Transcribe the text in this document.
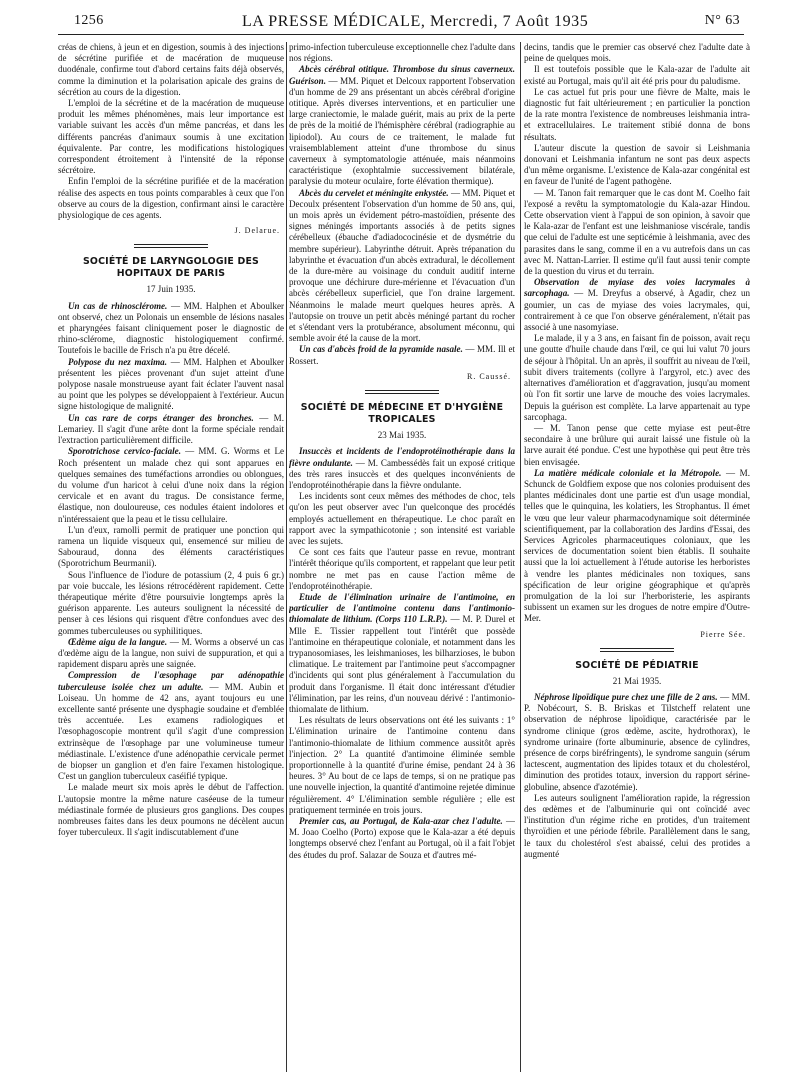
1256	LA PRESSE MÉDICALE, Mercredi, 7 Août 1935	N° 63

créas de chiens, à jeun et en digestion, soumis à des injections de sécrétine purifiée et de macération de muqueuse duodénale, confirme tout d'abord certains faits déjà observés, comme la diminution et la polarisation apicale des grains de sécrétion au cours de la digestion.

L'emploi de la sécrétine et de la macération de muqueuse produit les mêmes phénomènes, mais leur importance est variable suivant les accès d'un même pancréas, et dans les différents pancréas d'animaux soumis à une excitation équivalente. Par contre, les modifications histologiques correspondent étroitement à l'intensité de la réponse sécrétoire.

Enfin l'emploi de la sécrétine purifiée et de la macération réalise des aspects en tous points comparables à ceux que l'on observe au cours de la digestion, confirmant ainsi le caractère physiologique de ces agents.

J. Delarue.

SOCIÉTÉ DE LARYNGOLOGIE DES HOPITAUX DE PARIS

17 Juin 1935.

Un cas de rhinosclérome. — MM. Halphen et Aboulker ont observé, chez un Polonais un ensemble de lésions nasales et pharyngées faisant cliniquement poser le diagnostic de rhino-sclérome, diagnostic histologiquement confirmé. Toutefois le bacille de Frisch n'a pu être décelé.

Polypose du nez maxima. — MM. Halphen et Aboulker présentent les pièces provenant d'un sujet atteint d'une polypose nasale monstrueuse ayant fait éclater l'auvent nasal au point que les polypes se développaient à l'extérieur. Aucun signe histologique de malignité.

Un cas rare de corps étranger des bronches. — M. Lemariey. Il s'agit d'une arête dont la forme spéciale rendait l'extraction particulièrement difficile.

Sporotrichose cervico-faciale. — MM. G. Worms et Le Roch présentent un malade chez qui sont apparues en quelques semaines des tuméfactions arrondies ou oblongues, du volume d'un haricot à celui d'une noix dans la région cervicale et en avant du tragus. De consistance ferme, élastique, non douloureuse, ces nodules étaient indolores et n'intéressaient que la peau et le tissu cellulaire.

L'un d'eux, ramolli permit de pratiquer une ponction qui ramena un liquide visqueux qui, ensemencé sur milieu de Sabouraud, donna des éléments caractéristiques (Sporotrichum Beurmanii).

Sous l'influence de l'iodure de potassium (2, 4 puis 6 gr.) par voie buccale, les lésions rétrocédèrent rapidement. Cette thérapeutique mérite d'être poursuivie longtemps après la guérison apparente. Les auteurs soulignent la nécessité de penser à ces lésions qui risquent d'être confondues avec des gommes tuberculeuses ou syphilitiques.

Œdème aigu de la langue. — M. Worms a observé un cas d'œdème aigu de la langue, non suivi de suppuration, et qui a rapidement disparu après une saignée.

Compression de l'œsophage par adénopathie tuberculeuse isolée chez un adulte. — MM. Aubin et Loiseau. Un homme de 42 ans, ayant toujours eu une excellente santé présente une dysphagie soudaine et d'emblée très accentuée. Les examens radiologiques et l'œsophagoscopie montrent qu'il s'agit d'une compression extrinsèque de l'œsophage par une volumineuse tumeur médiastinale. L'existence d'une adénopathie cervicale permet de biopser un ganglion et d'en faire l'examen histologique. C'est un ganglion tuberculeux caséifié typique.

Le malade meurt six mois après le début de l'affection. L'autopsie montre la même nature caséeuse de la tumeur médiastinale formée de plusieurs gros ganglions. Des coupes nombreuses faites dans les deux poumons ne décèlent aucun foyer tuberculeux. Il s'agit indiscutablement d'une

primo-infection tuberculeuse exceptionnelle chez l'adulte dans nos régions.

Abcès cérébral otitique. Thrombose du sinus caverneux. Guérison. — MM. Piquet et Delcoux rapportent l'observation d'un homme de 29 ans présentant un abcès cérébral d'origine otitique. Après diverses interventions, et en particulier une large craniectomie, le malade guérit, mais au prix de la perte de près de la moitié de l'hémisphère cérébral (radiographie au lipiodol). Au cours de ce traitement, le malade fut vraisemblablement atteint d'une thrombose du sinus caverneux à symptomatologie atténuée, mais néanmoins caractéristique (exophtalmie successivement bilatérale, paralysie du moteur oculaire, forte élévation thermique).

Abcès du cervelet et méningite enkystée. — MM. Piquet et Decoulx présentent l'observation d'un homme de 50 ans, qui, un mois après un évidement pétro-mastoïdien, présente des signes méningés importants associés à de petits signes cérébelleux (ébauche d'adiadococinésie et de dysmétrie du membre supérieur). Labyrinthe détruit. Après trépanation du labyrinthe et évacuation d'un abcès extradural, le décollement de la dure-mère au voisinage du conduit auditif interne provoque une déchirure dure-mérienne et l'évacuation d'un abcès cérébelleux superficiel, que l'on draine largement. Néanmoins le malade meurt quelques heures après. A l'autopsie on trouve un petit abcès méningé partant du rocher et s'étendant vers la protubérance, absolument méconnu, qui semble avoir été la cause de la mort.

Un cas d'abcès froid de la pyramide nasale. — MM. Ill et Rossert.

R. Caussé.

SOCIÉTÉ DE MÉDECINE ET D'HYGIÈNE TROPICALES

23 Mai 1935.

Insuccès et incidents de l'endoprotéinothérapie dans la fièvre ondulante. — M. Cambessédès fait un exposé critique des très rares insuccès et des quelques inconvénients de l'endoprotéinothérapie dans la fièvre ondulante.

Les incidents sont ceux mêmes des méthodes de choc, tels qu'on les peut observer avec l'un quelconque des procédés employés actuellement en thérapeutique. Le choc paraît en rapport avec la sympathicotonie ; son intensité est variable avec les sujets.

Ce sont ces faits que l'auteur passe en revue, montrant l'intérêt théorique qu'ils comportent, et rappelant que leur petit nombre ne met pas en cause l'action même de l'endoprotéinothérapie.

Etude de l'élimination urinaire de l'antimoine, en particulier de l'antimoine contenu dans l'antimonio-thiomalate de lithium. (Corps 110 L.R.P.). — M. P. Durel et Mlle E. Tissier rappellent tout l'intérêt que possède l'antimoine en thérapeutique coloniale, et notamment dans les trypanosomiases, les leishmanioses, les bilharzioses, le bubon climatique. Le traitement par l'antimoine peut s'accompagner d'incidents qui sont plus généralement à l'accumulation du produit dans l'organisme. Il était donc intéressant d'étudier l'élimination, par les reins, d'un nouveau dérivé : l'antimonio-thiomalate de lithium.

Les résultats de leurs observations ont été les suivants : 1° L'élimination urinaire de l'antimoine contenu dans l'antimonio-thiomalate de lithium commence aussitôt après l'injection. 2° La quantité d'antimoine éliminée semble proportionnelle à la quantité d'urine émise, pendant 24 à 36 heures. 3° Au bout de ce laps de temps, si on ne pratique pas une nouvelle injection, la quantité d'antimoine rejetée diminue régulièrement. 4° L'élimination semble régulière ; elle est pratiquement terminée en trois jours.

Premier cas, au Portugal, de Kala-azar chez l'adulte. — M. Joao Coelho (Porto) expose que le Kala-azar a été depuis longtemps observé chez l'enfant au Portugal, où il a fait l'objet des études du prof. Salazar de Souza et d'autres mé-

decins, tandis que le premier cas observé chez l'adulte date à peine de quelques mois.

Il est toutefois possible que le Kala-azar de l'adulte ait existé au Portugal, mais qu'il ait été pris pour du paludisme.

Le cas actuel fut pris pour une fièvre de Malte, mais le diagnostic fut fait ultérieurement ; en particulier la ponction de la rate montra l'existence de nombreuses leishmania intra- et extracellulaires. Le traitement stibié donna de bons résultats.

L'auteur discute la question de savoir si Leishmania donovani et Leishmania infantum ne sont pas deux aspects d'un même organisme. L'existence de Kala-azar congénital est en faveur de l'unité de l'agent pathogène.

— M. Tanon fait remarquer que le cas dont M. Coelho fait l'exposé a revêtu la symptomatologie du Kala-azar Hindou. Cette observation vient à l'appui de son opinion, à savoir que le Kala-azar de l'enfant est une leishmaniose viscérale, tandis que celui de l'adulte est une septicémie à leishmania, avec des parasites dans le sang, comme il en a vu autrefois dans un cas avec M. Nattan-Larrier. Il estime qu'il faut aussi tenir compte de la question du virus et du terrain.

Observation de myiase des voies lacrymales à sarcophaga. — M. Dreyfus a observé, à Agadir, chez un goumier, un cas de myiase des voies lacrymales, qui, contrairement à ce que l'on observe généralement, n'était pas associé à une nasomyiase.

Le malade, il y a 3 ans, en faisant fin de poisson, avait reçu une goutte d'huile chaude dans l'œil, ce qui lui valut 70 jours de séjour à l'hôpital. Un an après, il souffrit au niveau de l'œil, subit divers traitements (collyre à l'argyrol, etc.) avec des alternatives d'amélioration et d'aggravation, jusqu'au moment où l'on fit sortir une larve de mouche des voies lacrymales. Depuis la guérison est complète. La larve appartenait au type sarcophaga.

— M. Tanon pense que cette myiase est peut-être secondaire à une brûlure qui aurait laissé une fistule où la larve aurait été pondue. C'est une hypothèse qui peut être très bien envisagée.

La matière médicale coloniale et la Métropole. — M. Schunck de Goldfiem expose que nos colonies produisent des plantes médicinales dont une partie est d'un usage mondial, telles que le quinquina, les kolatiers, les Strophantus. Il émet le vœu que leur valeur pharmacodynamique soit déterminée scientifiquement, par la collaboration des Jardins d'Essai, des Services Agricoles pharmaceutiques coloniaux, que les services de documentation soient bien établis. Il souhaite aussi que la loi actuellement à l'étude autorise les herboristes à vendre les plantes médicinales non toxiques, sans spécification de leur origine géographique et qu'après promulgation de la loi sur l'herboristerie, les aspirants subissent un examen sur les drogues de notre empire d'Outre-Mer.

Pierre Sée.

SOCIÉTÉ DE PÉDIATRIE

21 Mai 1935.

Néphrose lipoïdique pure chez une fille de 2 ans. — MM. P. Nobécourt, S. B. Briskas et Tilstcheff relatent une observation de néphrose lipoïdique, caractérisée par le syndrome clinique (gros œdème, ascite, hydrothorax), le syndrome urinaire (forte albuminurie, absence de cylindres, présence de corps biréfringents), le syndrome sanguin (sérum lactescent, augmentation des lipides totaux et du cholestérol, diminution des protides totaux, inversion du rapport sérine-globuline, absence d'azotémie).

Les auteurs soulignent l'amélioration rapide, la régression des œdèmes et de l'albuminurie qui ont coïncidé avec l'institution d'un régime riche en protides, d'un traitement thyroïdien et une période fébrile. Parallèlement dans le sang, le taux du cholestérol s'est abaissé, celui des protides a augmenté
